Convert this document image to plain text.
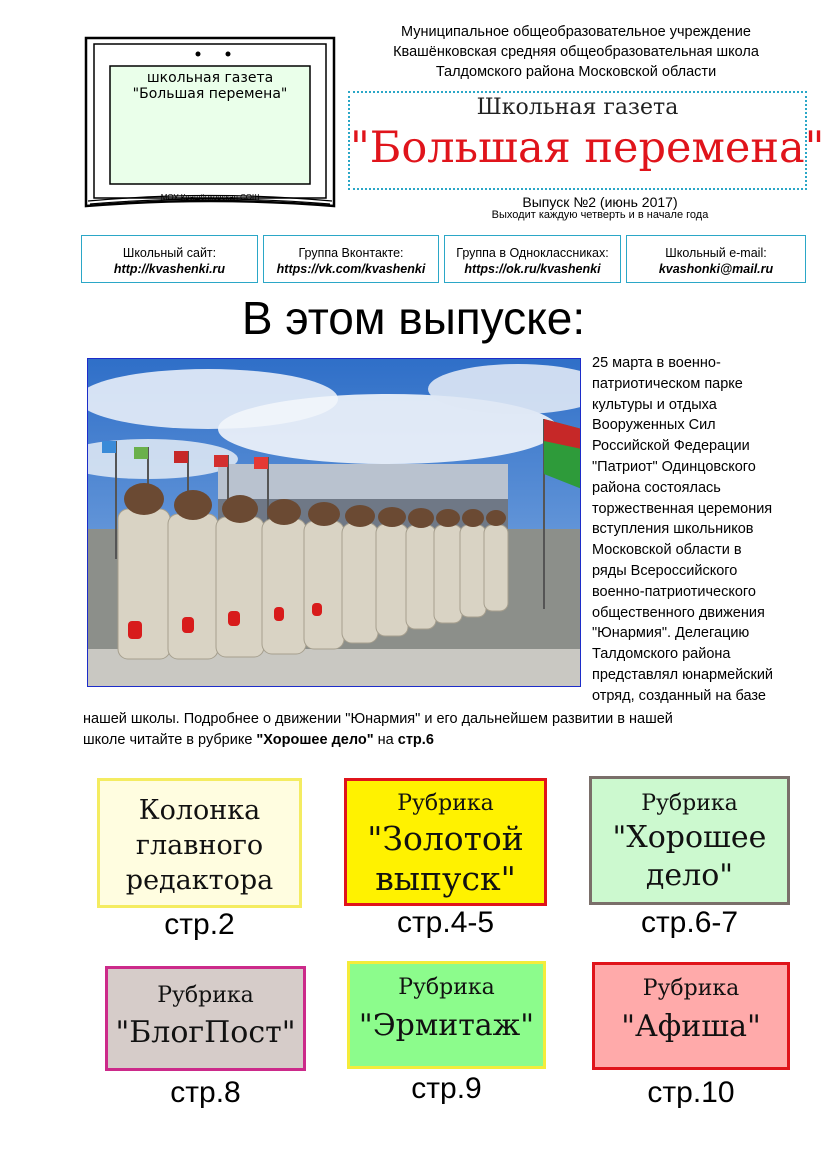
школьная газета
"Большая перемена"
МОУ Квашёнковская СОШ
Муниципальное общеобразовательное учреждение
Квашёнковская средняя общеобразовательная школа
Талдомского района Московской области
Школьная газета
"Большая перемена"
Выпуск №2 (июнь 2017)
Выходит каждую четверть и в начале года
Школьный сайт:
http://kvashenki.ru
Группа Вконтакте:
https://vk.com/kvashenki
Группа в Одноклассниках:
https://ok.ru/kvashenki
Школьный e-mail:
kvashonki@mail.ru
В этом выпуске:
25 марта в военно-
патриотическом парке
культуры и отдыха
Вооруженных Сил
Российской Федерации
"Патриот" Одинцовского
района состоялась
торжественная церемония
вступления школьников
Московской области в
ряды Всероссийского
военно-патриотического
общественного движения
"Юнармия". Делегацию
Талдомского района
представлял юнармейский
отряд, созданный на базе
нашей школы. Подробнее о движении "Юнармия" и его дальнейшем развитии в нашей
школе читайте в рубрике "Хорошее дело" на стр.6
Колонка
главного
редактора
стр.2
Рубрика
"Золотой
выпуск"
стр.4-5
Рубрика
"Хорошее
дело"
стр.6-7
Рубрика
"БлогПост"
стр.8
Рубрика
"Эрмитаж"
стр.9
Рубрика
"Афиша"
стр.10
